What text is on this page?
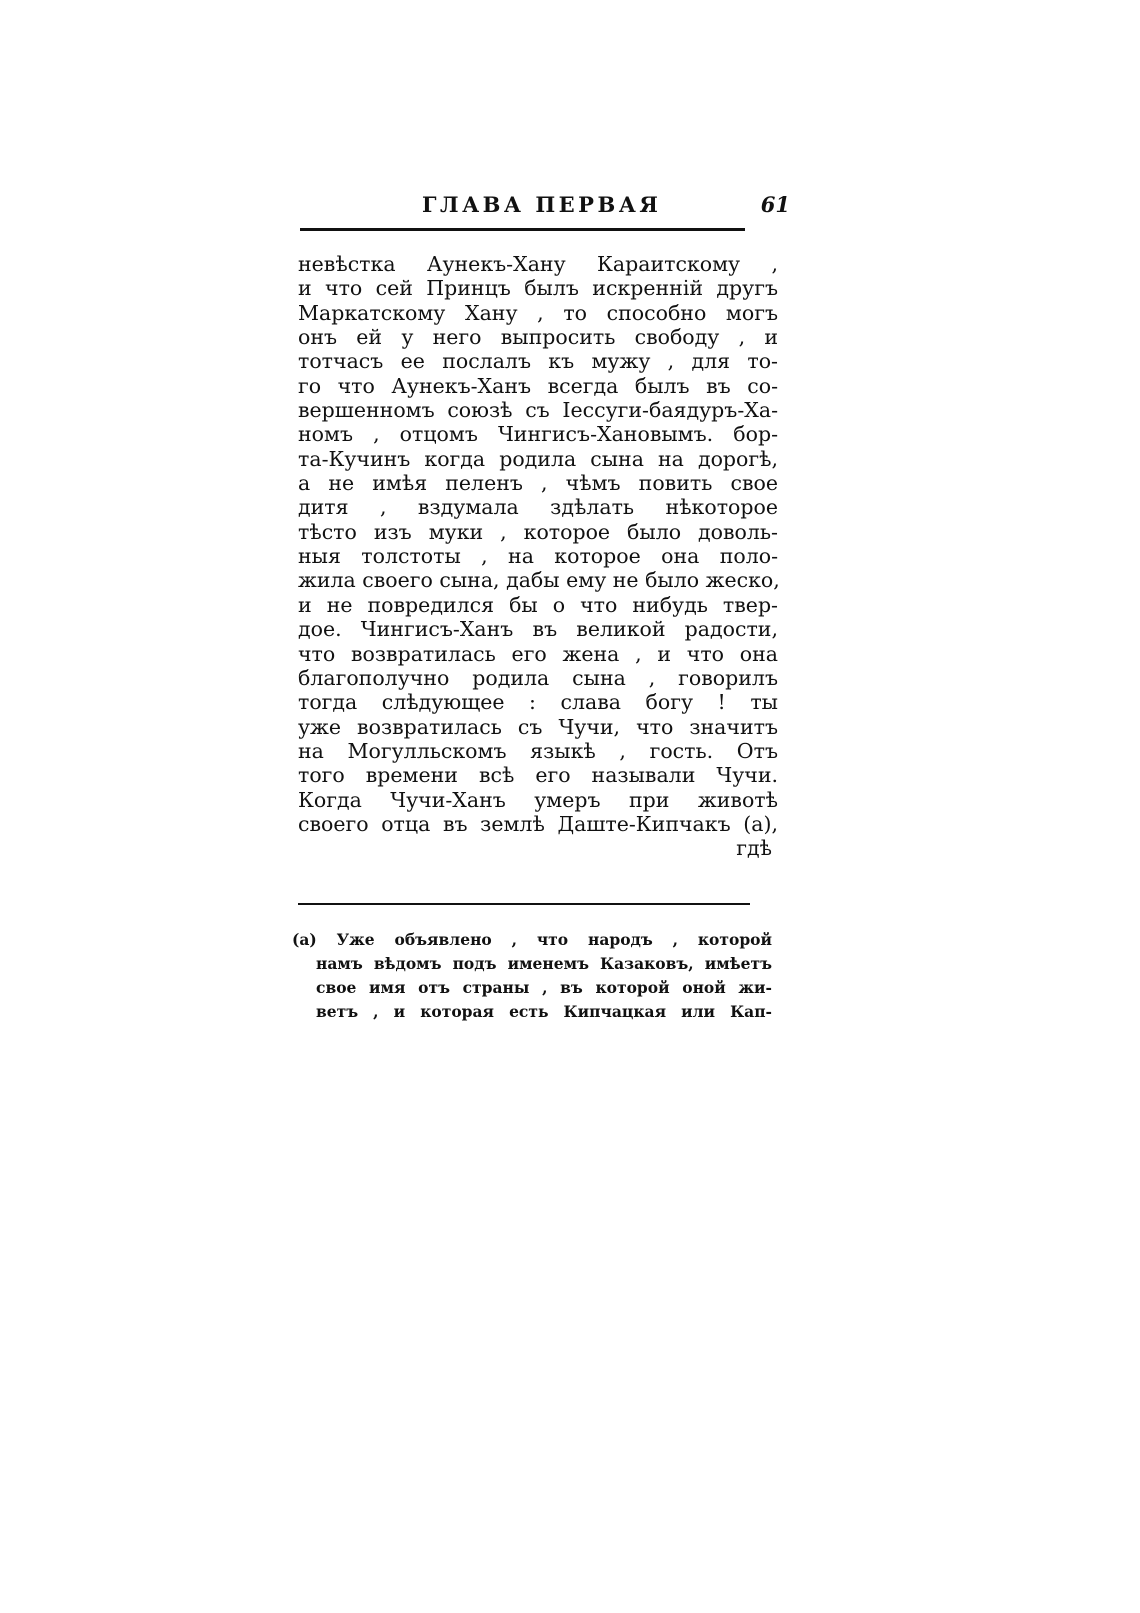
ГЛАВА ПЕРВАЯ	61
невѣстка Аунекъ-Хану Караитскому ,
и что сей Принцъ былъ искренній другъ
Маркатскому Хану , то способно могъ
онъ ей у него выпросить свободу , и
тотчасъ ее послалъ къ мужу , для то-
го что Аунекъ-Ханъ всегда былъ въ со-
вершенномъ союзѣ съ Іессуги-баядуръ-Ха-
номъ , отцомъ Чингисъ-Хановымъ. бор-
та-Кучинъ когда родила сына на дорогѣ,
а не имѣя пеленъ , чѣмъ повить свое
дитя , вздумала здѣлать нѣкоторое
тѣсто изъ муки , которое было доволь-
ныя толстоты , на которое она поло-
жила своего сына, дабы ему не было жеско,
и не повредился бы о что нибудь твер-
дое. Чингисъ-Ханъ въ великой радости,
что возвратилась его жена , и что она
благополучно родила сына , говорилъ
тогда слѣдующее : слава богу ! ты
уже возвратилась съ Чучи, что значитъ
на Могулльскомъ языкѣ , гость. Отъ
того времени всѣ его называли Чучи.
Когда Чучи-Ханъ умеръ при животѣ
своего отца въ землѣ Даште-Кипчакъ (а),
гдѣ
(а) Уже объявлено , что народъ , которой
намъ вѣдомъ подъ именемъ Казаковъ, имѣетъ
свое имя отъ страны , въ которой оной жи-
ветъ , и которая есть Кипчацкая или Кап-
